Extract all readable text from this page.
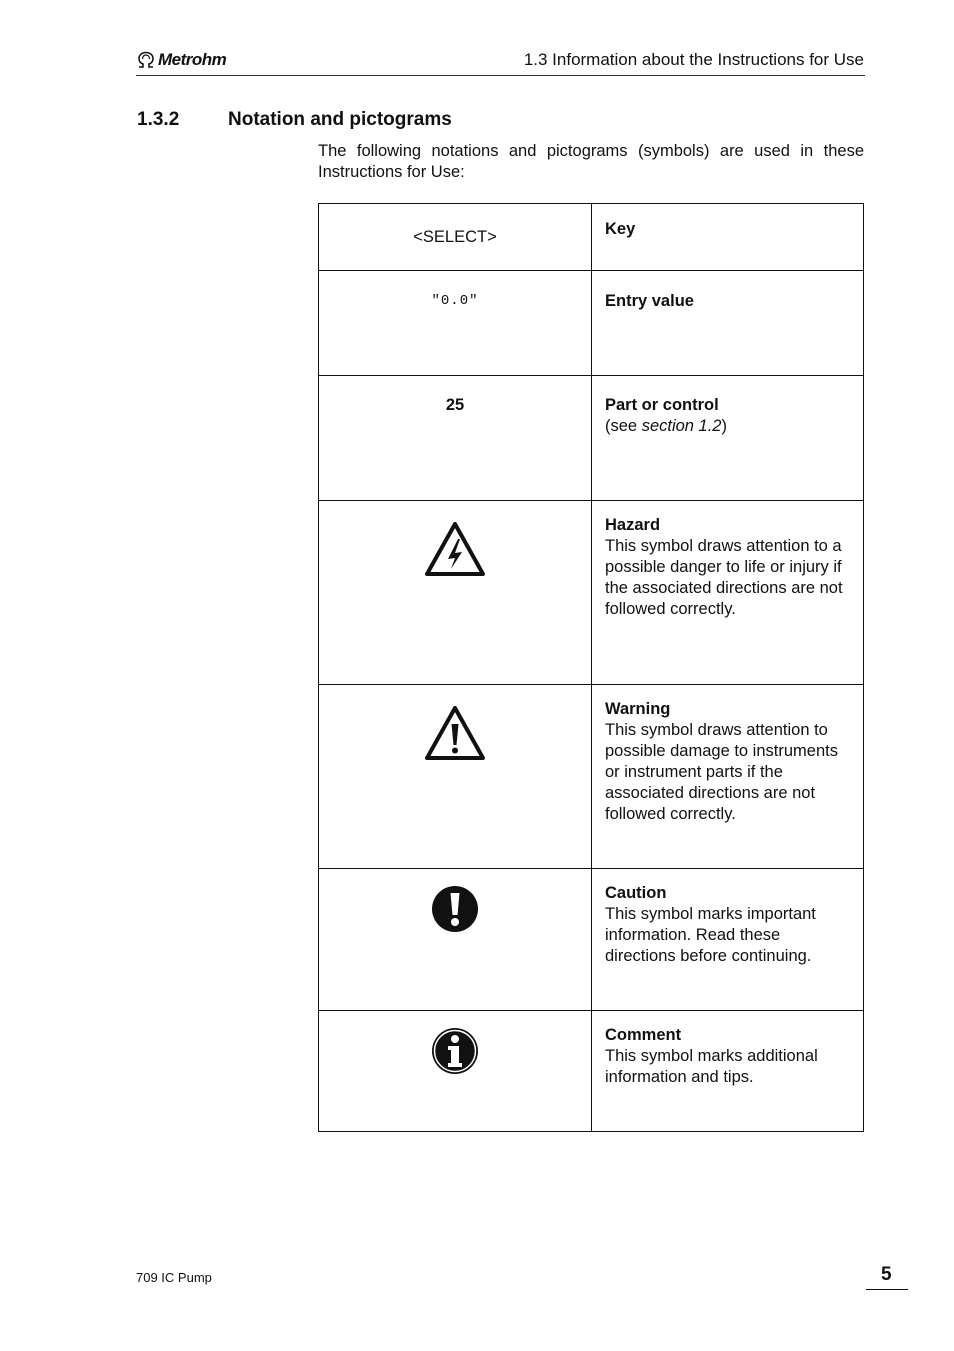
Metrohm	1.3 Information about the Instructions for Use
1.3.2	Notation and pictograms
The following notations and pictograms (symbols) are used in these Instructions for Use:
<SELECT>	Key

"0.0"	Entry value

25	Part or control
(see section 1.2)

Hazard
This symbol draws attention to a possible danger to life or injury if the associated directions are not followed correctly.

Warning
This symbol draws attention to possible damage to instruments or instrument parts if the associated directions are not followed correctly.

Caution
This symbol marks important information. Read these directions before continuing.

Comment
This symbol marks additional information and tips.
709 IC Pump	5
